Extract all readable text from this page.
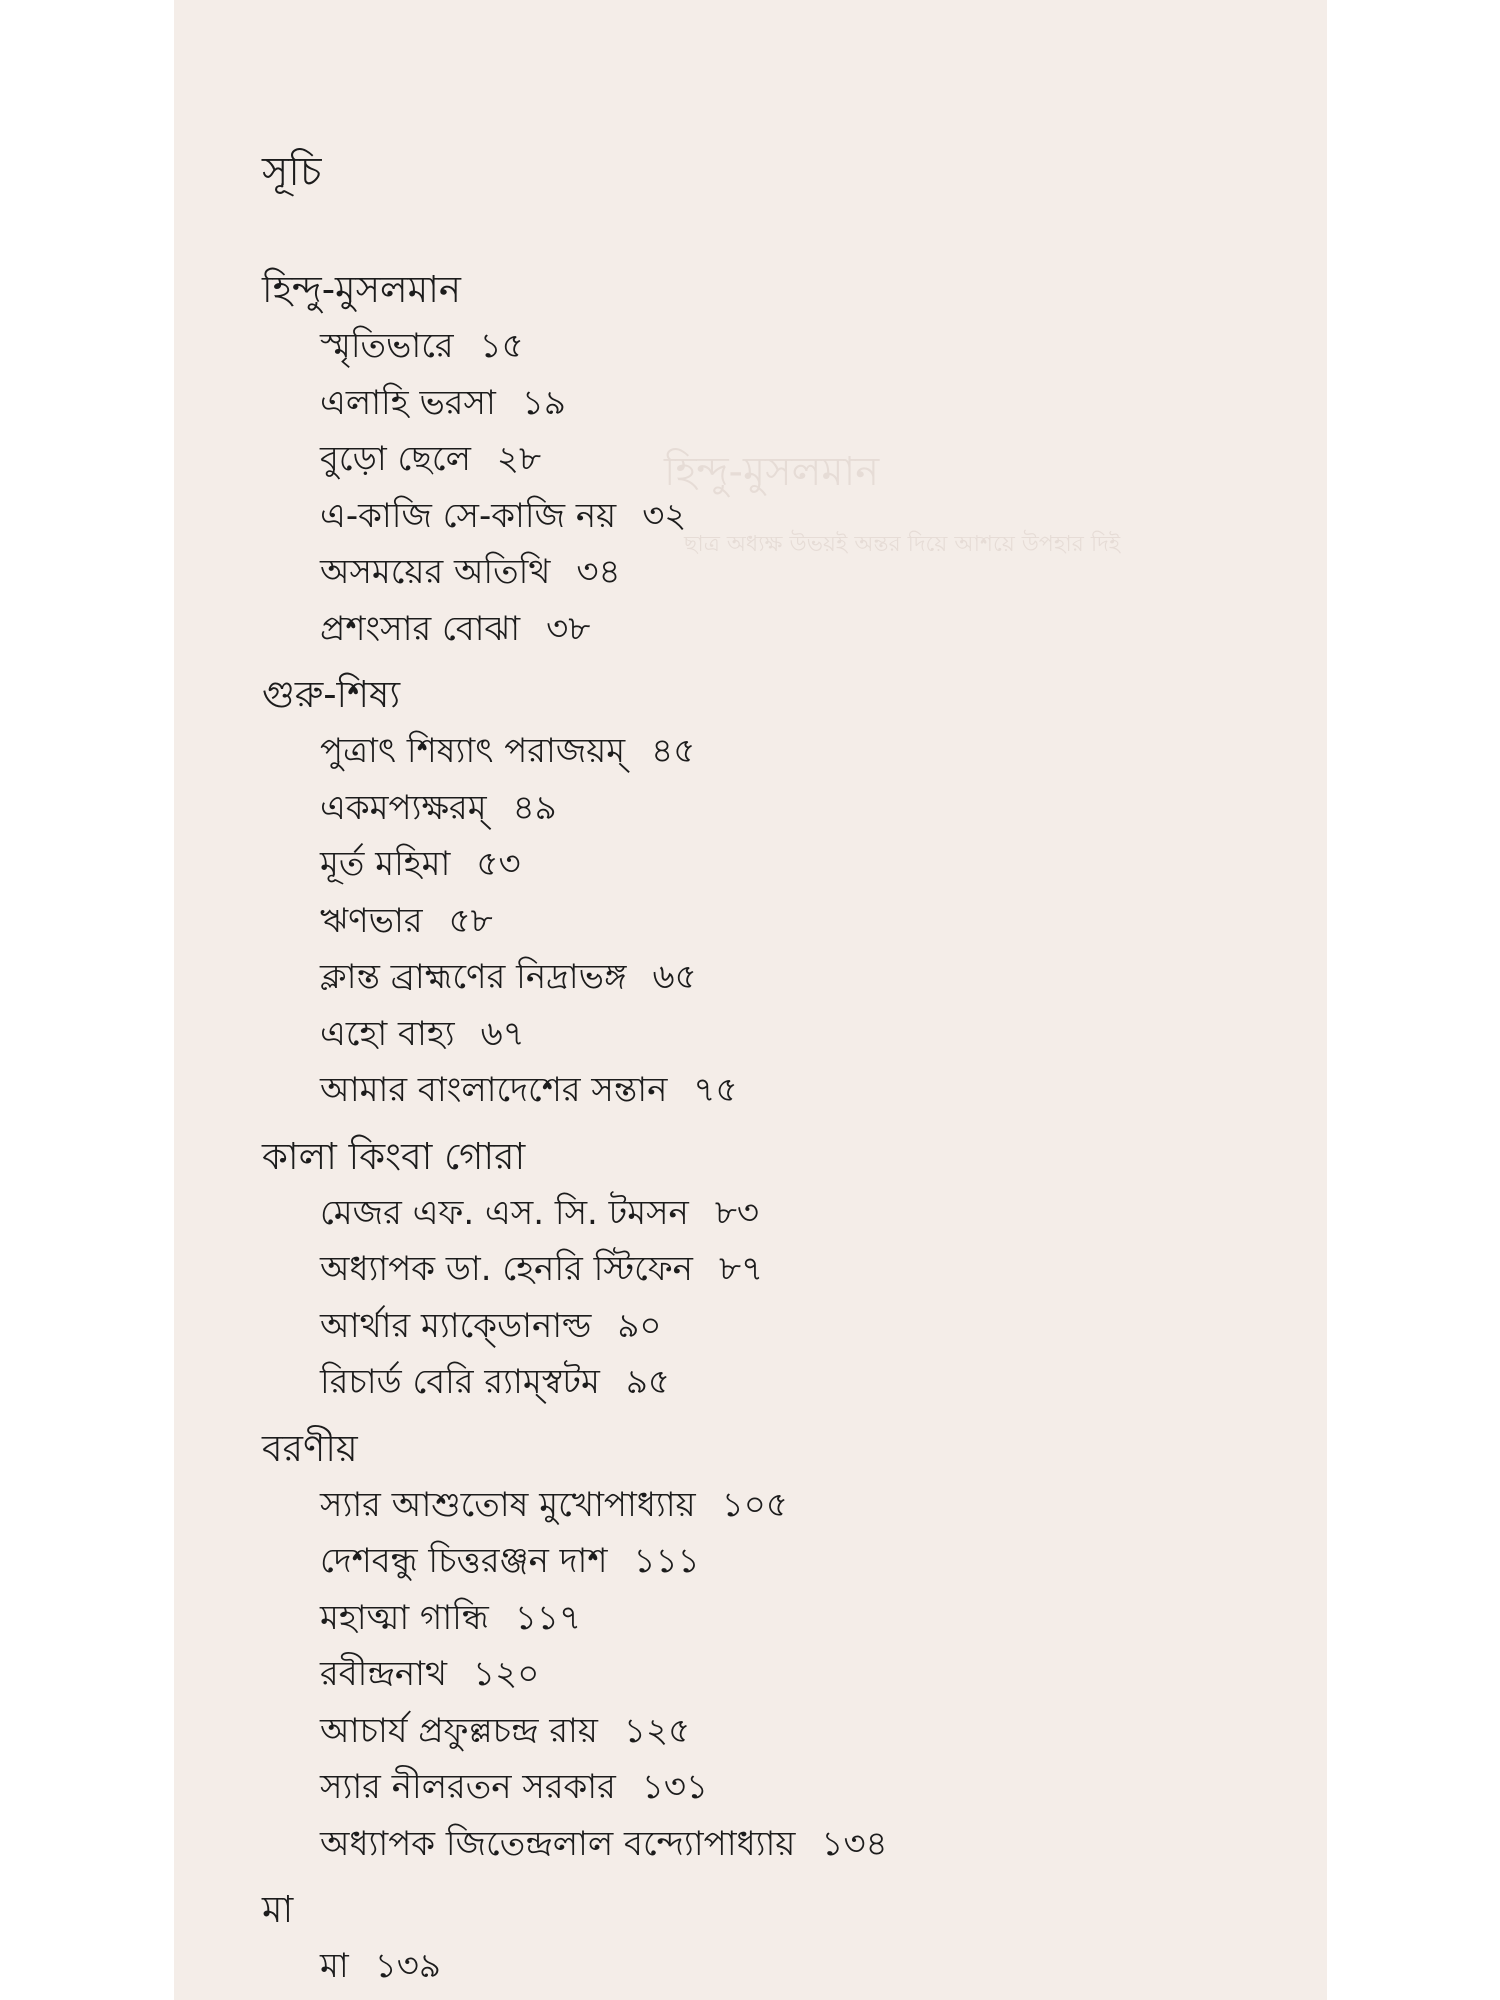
হিন্দু-মুসলমান
ছাত্র অধ্যক্ষ উভয়ই অন্তর দিয়ে আশয়ে উপহার দিই
সূচি
হিন্দু-মুসলমান
স্মৃতিভারে ১৫
এলাহি ভরসা ১৯
বুড়ো ছেলে ২৮
এ-কাজি সে-কাজি নয় ৩২
অসময়ের অতিথি ৩৪
প্রশংসার বোঝা ৩৮
গুরু-শিষ্য
পুত্রাৎ শিষ্যাৎ পরাজয়ম্ ৪৫
একমপ্যক্ষরম্ ৪৯
মূর্ত মহিমা ৫৩
ঋণভার ৫৮
ক্লান্ত ব্রাহ্মণের নিদ্রাভঙ্গ ৬৫
এহো বাহ্য ৬৭
আমার বাংলাদেশের সন্তান ৭৫
কালা কিংবা গোরা
মেজর এফ. এস. সি. টমসন ৮৩
অধ্যাপক ডা. হেনরি স্টিফেন ৮৭
আর্থার ম্যাক্ডোনাল্ড ৯০
রিচার্ড বেরি র‍্যাম্স্বটম ৯৫
বরণীয়
স্যার আশুতোষ মুখোপাধ্যায় ১০৫
দেশবন্ধু চিত্তরঞ্জন দাশ ১১১
মহাত্মা গান্ধি ১১৭
রবীন্দ্রনাথ ১২০
আচার্য প্রফুল্লচন্দ্র রায় ১২৫
স্যার নীলরতন সরকার ১৩১
অধ্যাপক জিতেন্দ্রলাল বন্দ্যোপাধ্যায় ১৩৪
মা
মা ১৩৯
